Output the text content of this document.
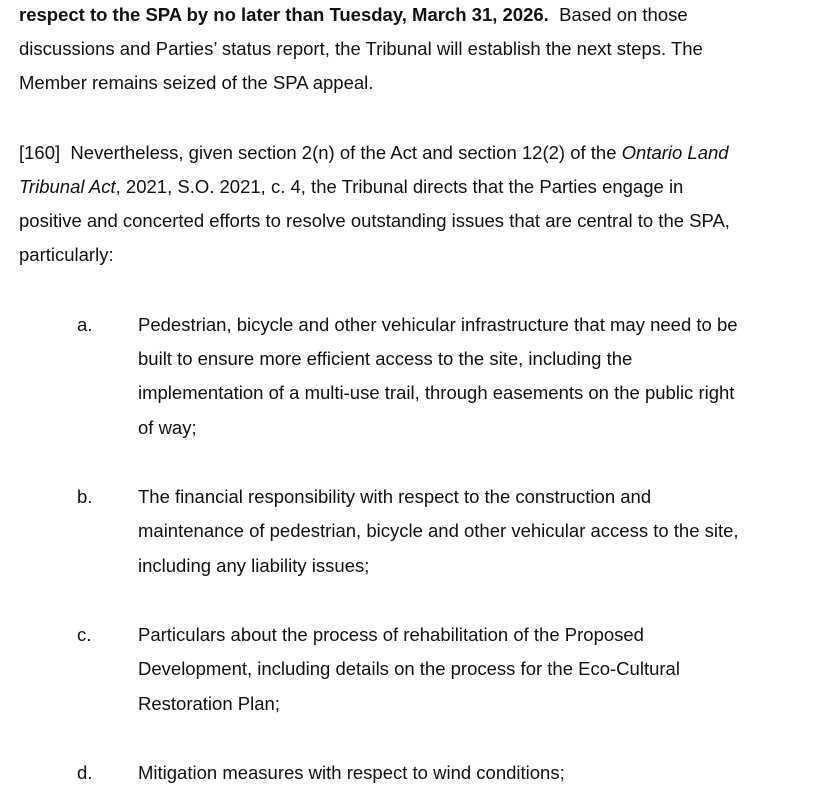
respect to the SPA by no later than Tuesday, March 31, 2026.  Based on those
discussions and Parties’ status report, the Tribunal will establish the next steps. The
Member remains seized of the SPA appeal.
[160]  Nevertheless, given section 2(n) of the Act and section 12(2) of the Ontario Land
Tribunal Act, 2021, S.O. 2021, c. 4, the Tribunal directs that the Parties engage in
positive and concerted efforts to resolve outstanding issues that are central to the SPA,
particularly:
a. Pedestrian, bicycle and other vehicular infrastructure that may need to be
built to ensure more efficient access to the site, including the
implementation of a multi-use trail, through easements on the public right
of way;
b. The financial responsibility with respect to the construction and
maintenance of pedestrian, bicycle and other vehicular access to the site,
including any liability issues;
c.	Particulars about the process of rehabilitation of the Proposed
Development, including details on the process for the Eco-Cultural
Restoration Plan;
d. Mitigation measures with respect to wind conditions;
